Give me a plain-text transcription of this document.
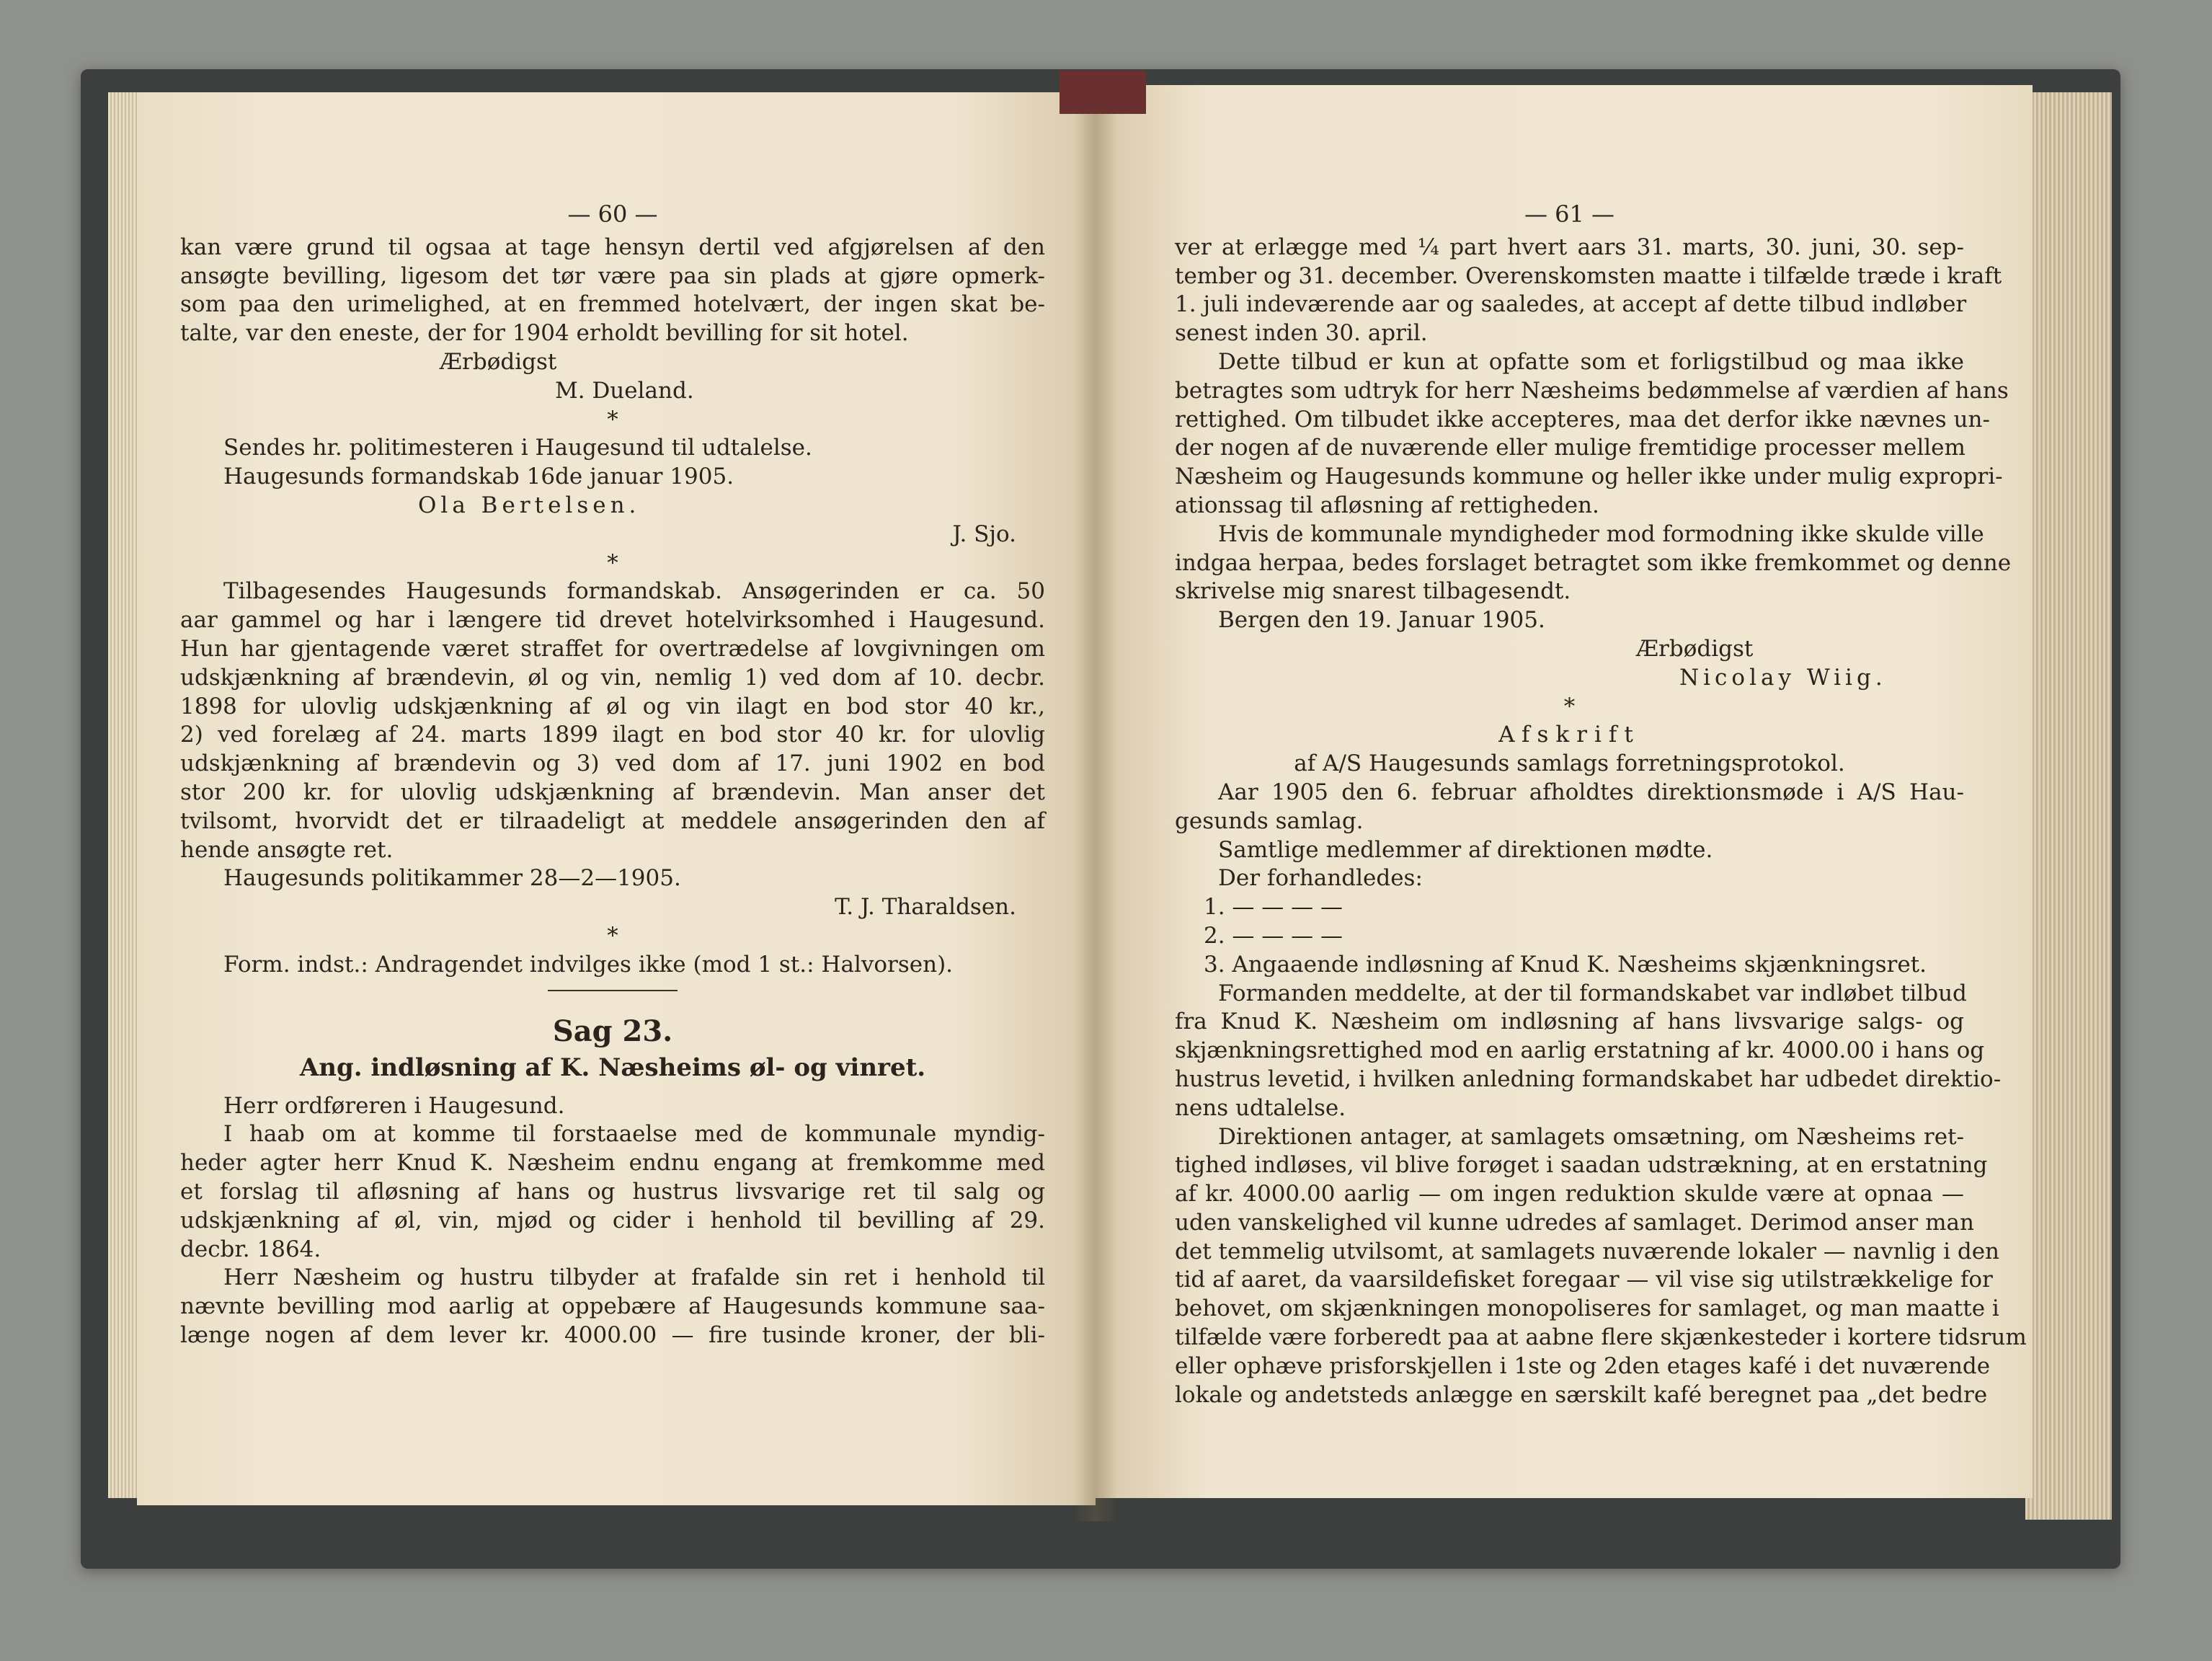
— 60 —

kan være grund til ogsaa at tage hensyn dertil ved afgjørelsen af den

ansøgte bevilling, ligesom det tør være paa sin plads at gjøre opmerk-

som paa den urimelighed, at en fremmed hotelvært, der ingen skat be-

talte, var den eneste, der for 1904 erholdt bevilling for sit hotel.

Ærbødigst

M. Dueland.

*

Sendes hr. politimesteren i Haugesund til udtalelse.

Haugesunds formandskab 16de januar 1905.

Ola Bertelsen.

J. Sjo.

*

Tilbagesendes Haugesunds formandskab. Ansøgerinden er ca. 50

aar gammel og har i længere tid drevet hotelvirksomhed i Haugesund.

Hun har gjentagende været straffet for overtrædelse af lovgivningen om

udskjænkning af brændevin, øl og vin, nemlig 1) ved dom af 10. decbr.

1898 for ulovlig udskjænkning af øl og vin ilagt en bod stor 40 kr.,

2) ved forelæg af 24. marts 1899 ilagt en bod stor 40 kr. for ulovlig

udskjænkning af brændevin og 3) ved dom af 17. juni 1902 en bod

stor 200 kr. for ulovlig udskjænkning af brændevin. Man anser det

tvilsomt, hvorvidt det er tilraadeligt at meddele ansøgerinden den af

hende ansøgte ret.

Haugesunds politikammer 28—2—1905.

T. J. Tharaldsen.

*

Form. indst.: Andragendet indvilges ikke (mod 1 st.: Halvorsen).

Sag 23.
Ang. indløsning af K. Næsheims øl- og vinret.

Herr ordføreren i Haugesund.

I haab om at komme til forstaaelse med de kommunale myndig-

heder agter herr Knud K. Næsheim endnu engang at fremkomme med

et forslag til afløsning af hans og hustrus livsvarige ret til salg og

udskjænkning af øl, vin, mjød og cider i henhold til bevilling af 29.

decbr. 1864.

Herr Næsheim og hustru tilbyder at frafalde sin ret i henhold til

nævnte bevilling mod aarlig at oppebære af Haugesunds kommune saa-

længe nogen af dem lever kr. 4000.00 — fire tusinde kroner, der bli-

— 61 —

ver at erlægge med ¼ part hvert aars 31. marts, 30. juni, 30. sep-

tember og 31. december. Overenskomsten maatte i tilfælde træde i kraft

1. juli indeværende aar og saaledes, at accept af dette tilbud indløber

senest inden 30. april.

Dette tilbud er kun at opfatte som et forligstilbud og maa ikke

betragtes som udtryk for herr Næsheims bedømmelse af værdien af hans

rettighed. Om tilbudet ikke accepteres, maa det derfor ikke nævnes un-

der nogen af de nuværende eller mulige fremtidige processer mellem

Næsheim og Haugesunds kommune og heller ikke under mulig expropri-

ationssag til afløsning af rettigheden.

Hvis de kommunale myndigheder mod formodning ikke skulde ville

indgaa herpaa, bedes forslaget betragtet som ikke fremkommet og denne

skrivelse mig snarest tilbagesendt.

Bergen den 19. Januar 1905.

Ærbødigst

Nicolay Wiig.

*

Afskrift

af A/S Haugesunds samlags forretningsprotokol.

Aar 1905 den 6. februar afholdtes direktionsmøde i A/S Hau-

gesunds samlag.

Samtlige medlemmer af direktionen mødte.

Der forhandledes:

1. — — — —

2. — — — —

3. Angaaende indløsning af Knud K. Næsheims skjænkningsret.

Formanden meddelte, at der til formandskabet var indløbet tilbud

fra Knud K. Næsheim om indløsning af hans livsvarige salgs- og

skjænkningsrettighed mod en aarlig erstatning af kr. 4000.00 i hans og

hustrus levetid, i hvilken anledning formandskabet har udbedet direktio-

nens udtalelse.

Direktionen antager, at samlagets omsætning, om Næsheims ret-

tighed indløses, vil blive forøget i saadan udstrækning, at en erstatning

af kr. 4000.00 aarlig — om ingen reduktion skulde være at opnaa —

uden vanskelighed vil kunne udredes af samlaget. Derimod anser man

det temmelig utvilsomt, at samlagets nuværende lokaler — navnlig i den

tid af aaret, da vaarsildefisket foregaar — vil vise sig utilstrækkelige for

behovet, om skjænkningen monopoliseres for samlaget, og man maatte i

tilfælde være forberedt paa at aabne flere skjænkesteder i kortere tidsrum

eller ophæve prisforskjellen i 1ste og 2den etages kafé i det nuværende

lokale og andetsteds anlægge en særskilt kafé beregnet paa „det bedre
